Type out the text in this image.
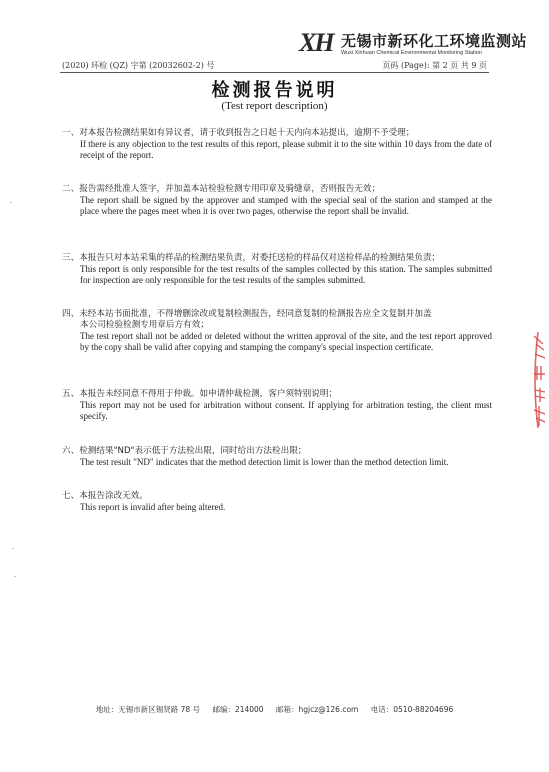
XH 无锡市新环化工环境监测站
Wuxi Xinhuan Chemical Environmental Monitoring Station
(2020) 环检 (QZ) 字第 (20032602-2) 号	页码 (Page): 第 2 页 共 9 页
检测报告说明
(Test report description)
一、对本报告检测结果如有异议者，请于收到报告之日起十天内向本站提出，逾期不予受理；
If there is any objection to the test results of this report, please submit it to the site within 10 days from the date of receipt of the report.
二、报告需经批准人签字，并加盖本站检验检测专用印章及骑缝章，否则报告无效；
The report shall be signed by the approver and stamped with the special seal of the station and stamped at the place where the pages meet when it is over two pages, otherwise the report shall be invalid.
三、本报告只对本站采集的样品的检测结果负责，对委托送检的样品仅对送检样品的检测结果负责；
This report is only responsible for the test results of the samples collected by this station. The samples submitted for inspection are only responsible for the test results of the samples submitted.
四、未经本站书面批准，不得增删涂改或复制检测报告，经同意复制的检测报告应全文复制并加盖
本公司检验检测专用章后方有效；
The test report shall not be added or deleted without the written approval of the site, and the test report approved by the copy shall be valid after copying and stamping the company's special inspection certificate.
五、本报告未经同意不得用于仲裁。如申请仲裁检测，客户须特别说明；
This report may not be used for arbitration without consent. If applying for arbitration testing, the client must specify.
六、检测结果"ND"表示低于方法检出限，同时给出方法检出限；
The test result "ND" indicates that the method detection limit is lower than the method detection limit.
七、本报告涂改无效。
This report is invalid after being altered.
地址：无锡市新区锡贤路 78 号 邮编：214000 邮箱：hgjcz@126.com 电话：0510-88204696
